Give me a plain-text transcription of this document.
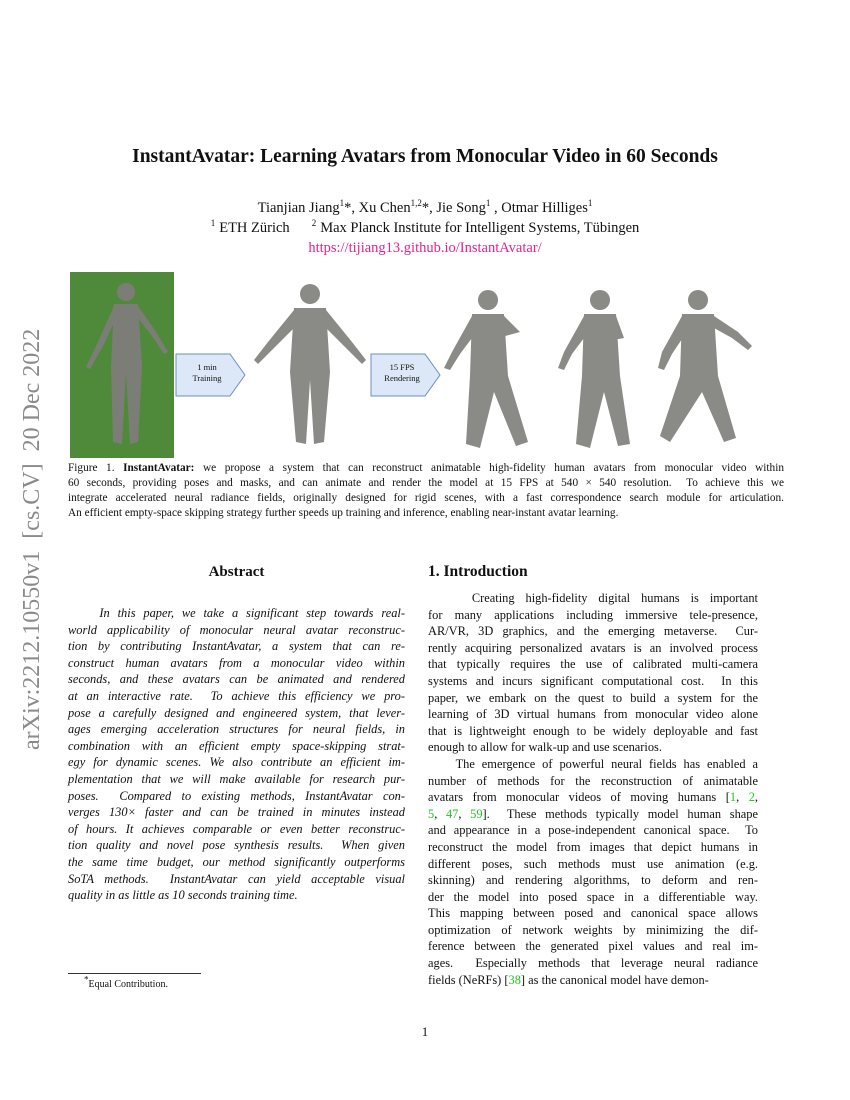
arXiv:2212.10550v1  [cs.CV]  20 Dec 2022
InstantAvatar: Learning Avatars from Monocular Video in 60 Seconds
Tianjian Jiang$^1$*, Xu Chen$^{1,2}$*, Jie Song$^1$ , Otmar Hilliges$^1$
$^1$ ETH Zürich $^2$ Max Planck Institute for Intelligent Systems, Tübingen
https://tijiang13.github.io/InstantAvatar/
1 min
Training
15 FPS
Rendering
Figure 1. InstantAvatar: we propose a system that can reconstruct animatable high-fidelity human avatars from monocular video within
60 seconds, providing poses and masks, and can animate and render the model at 15 FPS at 540 × 540 resolution.  To achieve this we
integrate accelerated neural radiance fields, originally designed for rigid scenes, with a fast correspondence search module for articulation.
An efficient empty-space skipping strategy further speeds up training and inference, enabling near-instant avatar learning.
Abstract
In this paper, we take a significant step towards real-
world applicability of monocular neural avatar reconstruc-
tion by contributing InstantAvatar, a system that can re-
construct human avatars from a monocular video within
seconds, and these avatars can be animated and rendered
at an interactive rate.  To achieve this efficiency we pro-
pose a carefully designed and engineered system, that lever-
ages emerging acceleration structures for neural fields, in
combination with an efficient empty space-skipping strat-
egy for dynamic scenes. We also contribute an efficient im-
plementation that we will make available for research pur-
poses.  Compared to existing methods, InstantAvatar con-
verges 130× faster and can be trained in minutes instead
of hours. It achieves comparable or even better reconstruc-
tion quality and novel pose synthesis results.  When given
the same time budget, our method significantly outperforms
SoTA methods.  InstantAvatar can yield acceptable visual
quality in as little as 10 seconds training time.
1. Introduction
Creating high-fidelity digital humans is important
for many applications including immersive tele-presence,
AR/VR, 3D graphics, and the emerging metaverse.  Cur-
rently acquiring personalized avatars is an involved process
that typically requires the use of calibrated multi-camera
systems and incurs significant computational cost.  In this
paper, we embark on the quest to build a system for the
learning of 3D virtual humans from monocular video alone
that is lightweight enough to be widely deployable and fast
enough to allow for walk-up and use scenarios.
The emergence of powerful neural fields has enabled a
number of methods for the reconstruction of animatable
avatars from monocular videos of moving humans [1, 2,
5, 47, 59].  These methods typically model human shape
and appearance in a pose-independent canonical space.  To
reconstruct the model from images that depict humans in
different poses, such methods must use animation (e.g.
skinning) and rendering algorithms, to deform and ren-
der the model into posed space in a differentiable way.
This mapping between posed and canonical space allows
optimization of network weights by minimizing the dif-
ference between the generated pixel values and real im-
ages.  Especially methods that leverage neural radiance
fields (NeRFs) [38] as the canonical model have demon-
*Equal Contribution.
1
